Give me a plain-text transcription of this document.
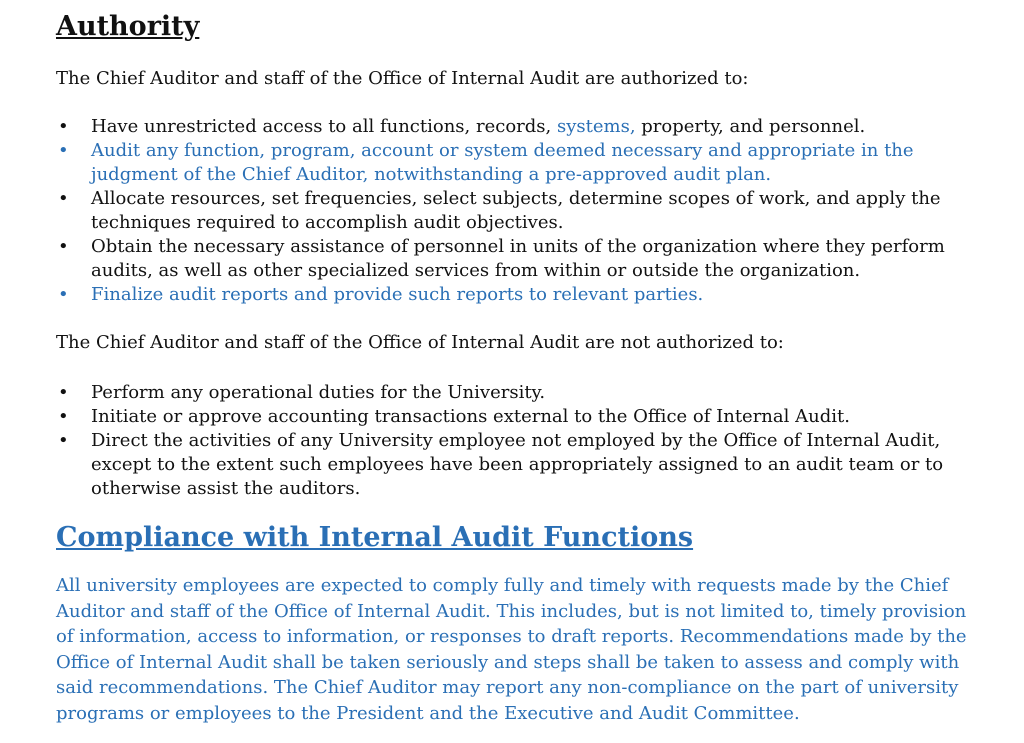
Authority

The Chief Auditor and staff of the Office of Internal Audit are authorized to:

• Have unrestricted access to all functions, records, systems, property, and personnel.
• Audit any function, program, account or system deemed necessary and appropriate in the judgment of the Chief Auditor, notwithstanding a pre-approved audit plan.
• Allocate resources, set frequencies, select subjects, determine scopes of work, and apply the techniques required to accomplish audit objectives.
• Obtain the necessary assistance of personnel in units of the organization where they perform audits, as well as other specialized services from within or outside the organization.
• Finalize audit reports and provide such reports to relevant parties.

The Chief Auditor and staff of the Office of Internal Audit are not authorized to:

• Perform any operational duties for the University.
• Initiate or approve accounting transactions external to the Office of Internal Audit.
• Direct the activities of any University employee not employed by the Office of Internal Audit, except to the extent such employees have been appropriately assigned to an audit team or to otherwise assist the auditors.
Compliance with Internal Audit Functions

All university employees are expected to comply fully and timely with requests made by the Chief Auditor and staff of the Office of Internal Audit. This includes, but is not limited to, timely provision of information, access to information, or responses to draft reports. Recommendations made by the Office of Internal Audit shall be taken seriously and steps shall be taken to assess and comply with said recommendations. The Chief Auditor may report any non-compliance on the part of university programs or employees to the President and the Executive and Audit Committee.
